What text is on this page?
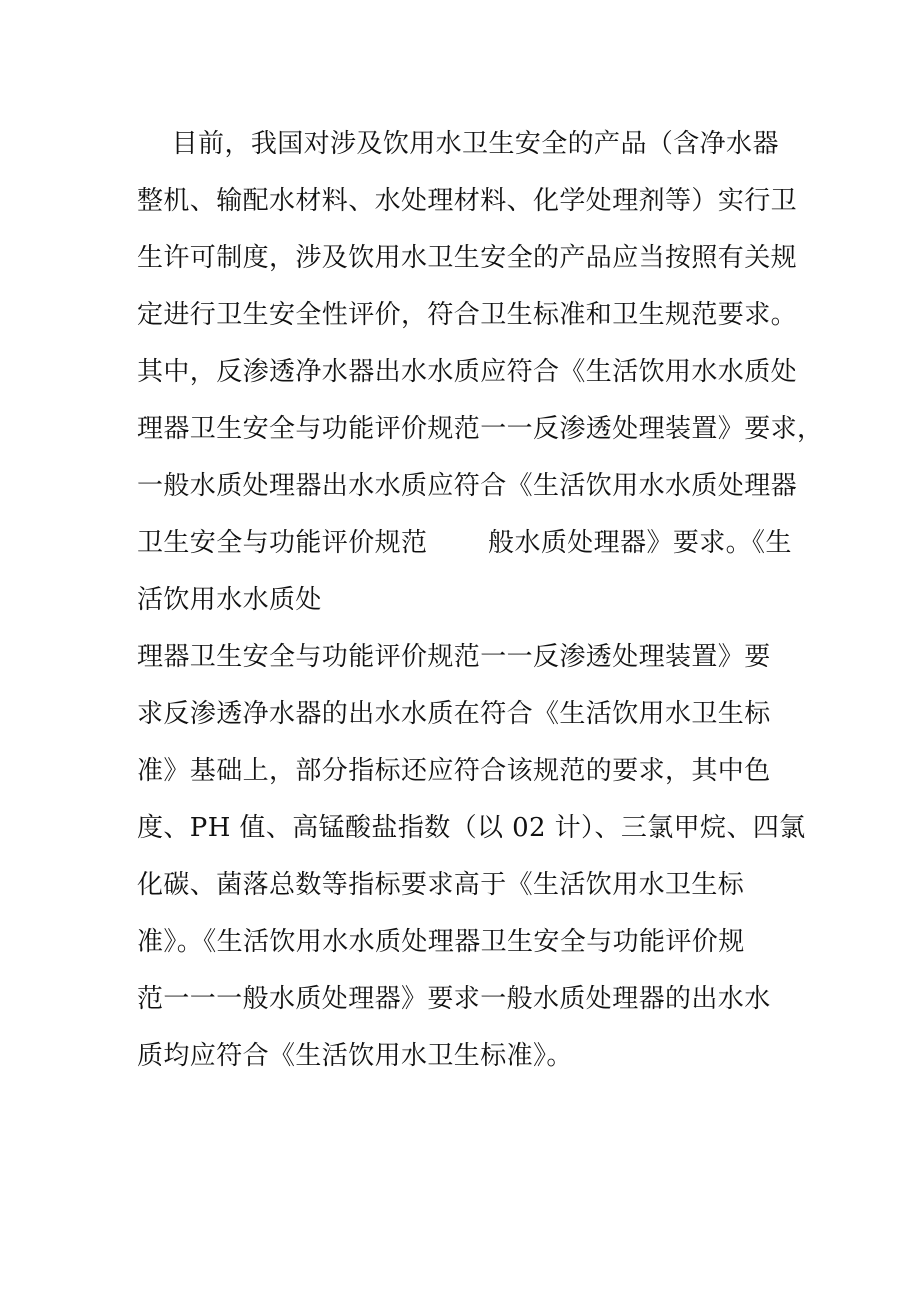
目前，我国对涉及饮用水卫生安全的产品（含净水器
整机、输配水材料、水处理材料、化学处理剂等）实行卫
生许可制度，涉及饮用水卫生安全的产品应当按照有关规
定进行卫生安全性评价，符合卫生标准和卫生规范要求。
其中，反渗透净水器出水水质应符合《生活饮用水水质处
理器卫生安全与功能评价规范一一反渗透处理装置》要求，
一般水质处理器出水水质应符合《生活饮用水水质处理器
卫生安全与功能评价规范       般水质处理器》要求。《生
活饮用水水质处
理器卫生安全与功能评价规范一一反渗透处理装置》要
求反渗透净水器的出水水质在符合《生活饮用水卫生标
准》基础上，部分指标还应符合该规范的要求，其中色
度、PH 值、高锰酸盐指数（以 02 计）、三氯甲烷、四氯
化碳、菌落总数等指标要求高于《生活饮用水卫生标
准》。《生活饮用水水质处理器卫生安全与功能评价规
范一一一般水质处理器》要求一般水质处理器的出水水
质均应符合《生活饮用水卫生标准》。
